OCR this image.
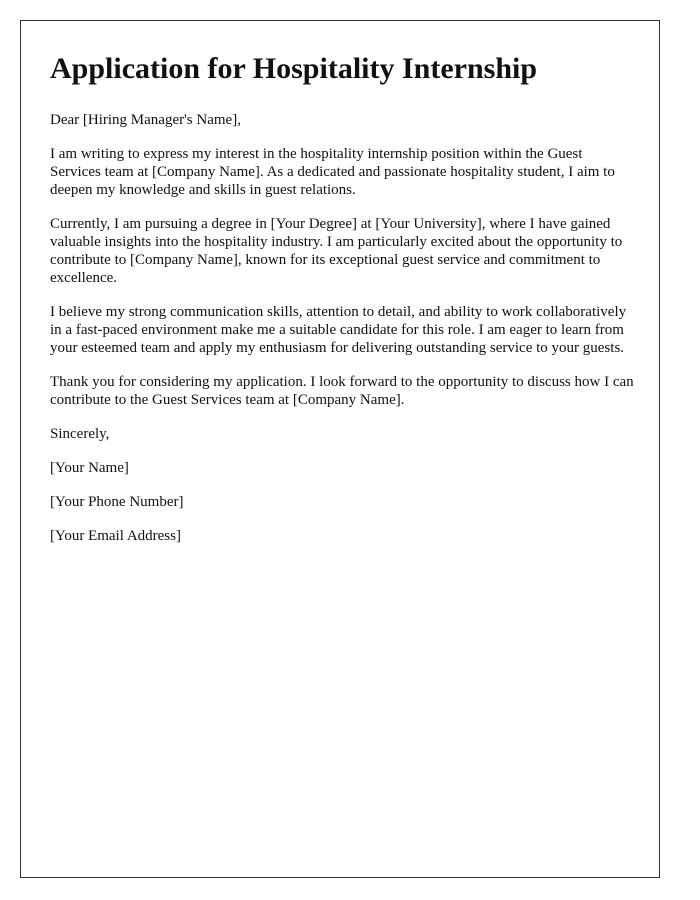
Application for Hospitality Internship

Dear [Hiring Manager's Name],

I am writing to express my interest in the hospitality internship position within the Guest Services team at [Company Name]. As a dedicated and passionate hospitality student, I aim to deepen my knowledge and skills in guest relations.

Currently, I am pursuing a degree in [Your Degree] at [Your University], where I have gained valuable insights into the hospitality industry. I am particularly excited about the opportunity to contribute to [Company Name], known for its exceptional guest service and commitment to excellence.

I believe my strong communication skills, attention to detail, and ability to work collaboratively in a fast-paced environment make me a suitable candidate for this role. I am eager to learn from your esteemed team and apply my enthusiasm for delivering outstanding service to your guests.

Thank you for considering my application. I look forward to the opportunity to discuss how I can contribute to the Guest Services team at [Company Name].

Sincerely,

[Your Name]

[Your Phone Number]

[Your Email Address]
